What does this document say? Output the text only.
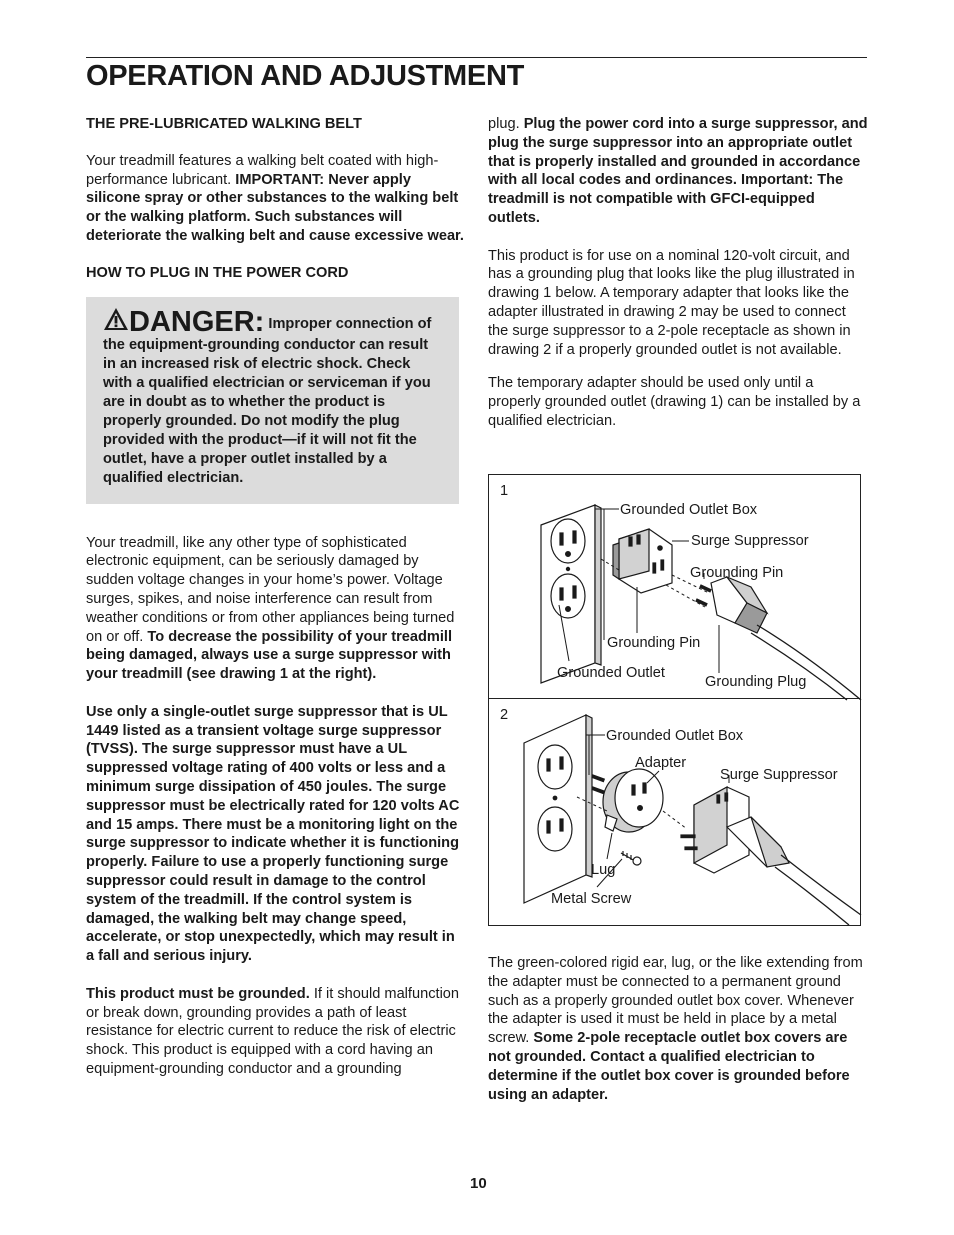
OPERATION AND ADJUSTMENT

THE PRE-LUBRICATED WALKING BELT

Your treadmill features a walking belt coated with high-performance lubricant. IMPORTANT: Never apply silicone spray or other substances to the walking belt or the walking platform. Such substances will deteriorate the walking belt and cause excessive wear.

HOW TO PLUG IN THE POWER CORD

DANGER: Improper connection of the equipment-grounding conductor can result in an increased risk of electric shock. Check with a qualified electrician or serviceman if you are in doubt as to whether the product is properly grounded. Do not modify the plug provided with the product—if it will not fit the outlet, have a proper outlet installed by a qualified electrician.

Your treadmill, like any other type of sophisticated electronic equipment, can be seriously damaged by sudden voltage changes in your home’s power. Voltage surges, spikes, and noise interference can result from weather conditions or from other appliances being turned on or off. To decrease the possibility of your treadmill being damaged, always use a surge suppressor with your treadmill (see drawing 1 at the right).

Use only a single-outlet surge suppressor that is UL 1449 listed as a transient voltage surge suppressor (TVSS). The surge suppressor must have a UL suppressed voltage rating of 400 volts or less and a minimum surge dissipation of 450 joules. The surge suppressor must be electrically rated for 120 volts AC and 15 amps. There must be a monitoring light on the surge suppressor to indicate whether it is functioning properly. Failure to use a properly functioning surge suppressor could result in damage to the control system of the treadmill. If the control system is damaged, the walking belt may change speed, accelerate, or stop unexpectedly, which may result in a fall and serious injury.

This product must be grounded. If it should malfunction or break down, grounding provides a path of least resistance for electric current to reduce the risk of electric shock. This product is equipped with a cord having an equipment-grounding conductor and a grounding

plug. Plug the power cord into a surge suppressor, and plug the surge suppressor into an appropriate outlet that is properly installed and grounded in accordance with all local codes and ordinances. Important: The treadmill is not compatible with GFCI-equipped outlets.

This product is for use on a nominal 120-volt circuit, and has a grounding plug that looks like the plug illustrated in drawing 1 below. A temporary adapter that looks like the adapter illustrated in drawing 2 may be used to connect the surge suppressor to a 2-pole receptacle as shown in drawing 2 if a properly grounded outlet is not available.

The temporary adapter should be used only until a properly grounded outlet (drawing 1) can be installed by a qualified electrician.

1
Grounded Outlet Box
Surge Suppressor
Grounding Pin
Grounding Pin
Grounded Outlet
Grounding Plug
2
Grounded Outlet Box
Adapter
Surge Suppressor
Lug
Metal Screw

The green-colored rigid ear, lug, or the like extending from the adapter must be connected to a permanent ground such as a properly grounded outlet box cover. Whenever the adapter is used it must be held in place by a metal screw. Some 2-pole receptacle outlet box covers are not grounded. Contact a qualified electrician to determine if the outlet box cover is grounded before using an adapter.

10
